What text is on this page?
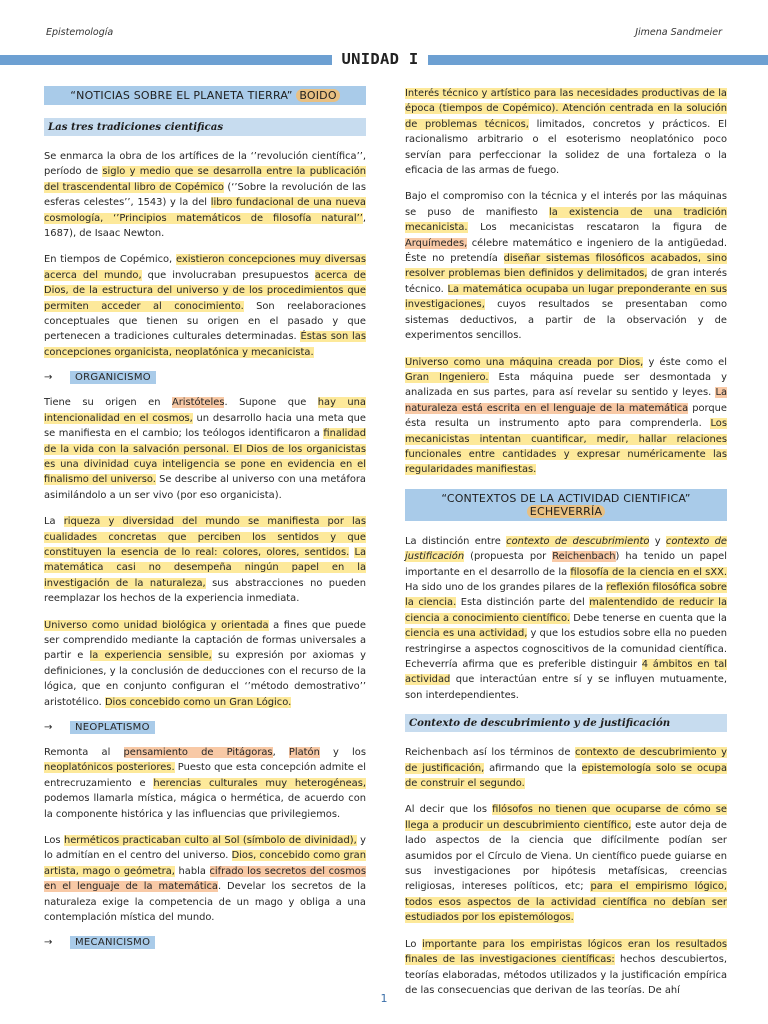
Epistemología	Jimena Sandmeier
UNIDAD I
“NOTICIAS SOBRE EL PLANETA TIERRA” BOIDO
Las tres tradiciones cientificas

Se enmarca la obra de los artífices de la ‘’revolución científica’’, período de siglo y medio que se desarrolla entre la publicación del trascendental libro de Copémico (‘’Sobre la revolución de las esferas celestes’’, 1543) y la del libro fundacional de una nueva cosmología, ‘’Principios matemáticos de filosofía natural’’, 1687), de Isaac Newton.

En tiempos de Copémico, existieron concepciones muy diversas acerca del mundo, que involucraban presupuestos acerca de Dios, de la estructura del universo y de los procedimientos que permiten acceder al conocimiento. Son reelaboraciones conceptuales que tienen su origen en el pasado y que pertenecen a tradiciones culturales determinadas. Éstas son las concepciones organicista, neoplatónica y mecanicista.

→	ORGANICISMO

Tiene su origen en Aristóteles. Supone que hay una intencionalidad en el cosmos, un desarrollo hacia una meta que se manifiesta en el cambio; los teólogos identificaron a finalidad de la vida con la salvación personal. El Dios de los organicistas es una divinidad cuya inteligencia se pone en evidencia en el finalismo del universo. Se describe al universo con una metáfora asimilándolo a un ser vivo (por eso organicista).

La riqueza y diversidad del mundo se manifiesta por las cualidades concretas que perciben los sentidos y que constituyen la esencia de lo real: colores, olores, sentidos. La matemática casi no desempeña ningún papel en la investigación de la naturaleza, sus abstracciones no pueden reemplazar los hechos de la experiencia inmediata.

Universo como unidad biológica y orientada a fines que puede ser comprendido mediante la captación de formas universales a partir e la experiencia sensible, su expresión por axiomas y definiciones, y la conclusión de deducciones con el recurso de la lógica, que en conjunto configuran el ‘’método demostrativo’’ aristotélico. Dios concebido como un Gran Lógico.

→	NEOPLATISMO

Remonta al pensamiento de Pitágoras, Platón y los neoplatónicos posteriores. Puesto que esta concepción admite el entrecruzamiento e herencias culturales muy heterogéneas, podemos llamarla mística, mágica o hermética, de acuerdo con la componente histórica y las influencias que privilegiemos.

Los herméticos practicaban culto al Sol (símbolo de divinidad), y lo admitían en el centro del universo. Dios, concebido como gran artista, mago o geómetra, habla cifrado los secretos del cosmos en el lenguaje de la matemática. Develar los secretos de la naturaleza exige la competencia de un mago y obliga a una contemplación mística del mundo.

→	MECANICISMO

Interés técnico y artístico para las necesidades productivas de la época (tiempos de Copémico). Atención centrada en la solución de problemas técnicos, limitados, concretos y prácticos. El racionalismo arbitrario o el esoterismo neoplatónico poco servían para perfeccionar la solidez de una fortaleza o la eficacia de las armas de fuego.

Bajo el compromiso con la técnica y el interés por las máquinas se puso de manifiesto la existencia de una tradición mecanicista. Los mecanicistas rescataron la figura de Arquímedes, célebre matemático e ingeniero de la antigüedad. Éste no pretendía diseñar sistemas filosóficos acabados, sino resolver problemas bien definidos y delimitados, de gran interés técnico. La matemática ocupaba un lugar preponderante en sus investigaciones, cuyos resultados se presentaban como sistemas deductivos, a partir de la observación y de experimentos sencillos.

Universo como una máquina creada por Dios, y éste como el Gran Ingeniero. Esta máquina puede ser desmontada y analizada en sus partes, para así revelar su sentido y leyes. La naturaleza está escrita en el lenguaje de la matemática porque ésta resulta un instrumento apto para comprenderla. Los mecanicistas intentan cuantificar, medir, hallar relaciones funcionales entre cantidades y expresar numéricamente las regularidades manifiestas.

“CONTEXTOS DE LA ACTIVIDAD CIENTIFICA” ECHEVERRÍA

La distinción entre contexto de descubrimiento y contexto de justificación (propuesta por Reichenbach) ha tenido un papel importante en el desarrollo de la filosofía de la ciencia en el sXX. Ha sido uno de los grandes pilares de la reflexión filosófica sobre la ciencia. Esta distinción parte del malentendido de reducir la ciencia a conocimiento científico. Debe tenerse en cuenta que la ciencia es una actividad, y que los estudios sobre ella no pueden restringirse a aspectos cognoscitivos de la comunidad científica. Echeverría afirma que es preferible distinguir 4 ámbitos en tal actividad que interactúan entre sí y se influyen mutuamente, son interdependientes.

Contexto de descubrimiento y de justificación

Reichenbach así los términos de contexto de descubrimiento y de justificación, afirmando que la epistemología solo se ocupa de construir el segundo.

Al decir que los filósofos no tienen que ocuparse de cómo se llega a producir un descubrimiento científico, este autor deja de lado aspectos de la ciencia que difícilmente podían ser asumidos por el Círculo de Viena. Un científico puede guiarse en sus investigaciones por hipótesis metafísicas, creencias religiosas, intereses políticos, etc; para el empirismo lógico, todos esos aspectos de la actividad científica no debían ser estudiados por los epistemólogos.

Lo importante para los empiristas lógicos eran los resultados finales de las investigaciones científicas: hechos descubiertos, teorías elaboradas, métodos utilizados y la justificación empírica de las consecuencias que derivan de las teorías. De ahí

1
